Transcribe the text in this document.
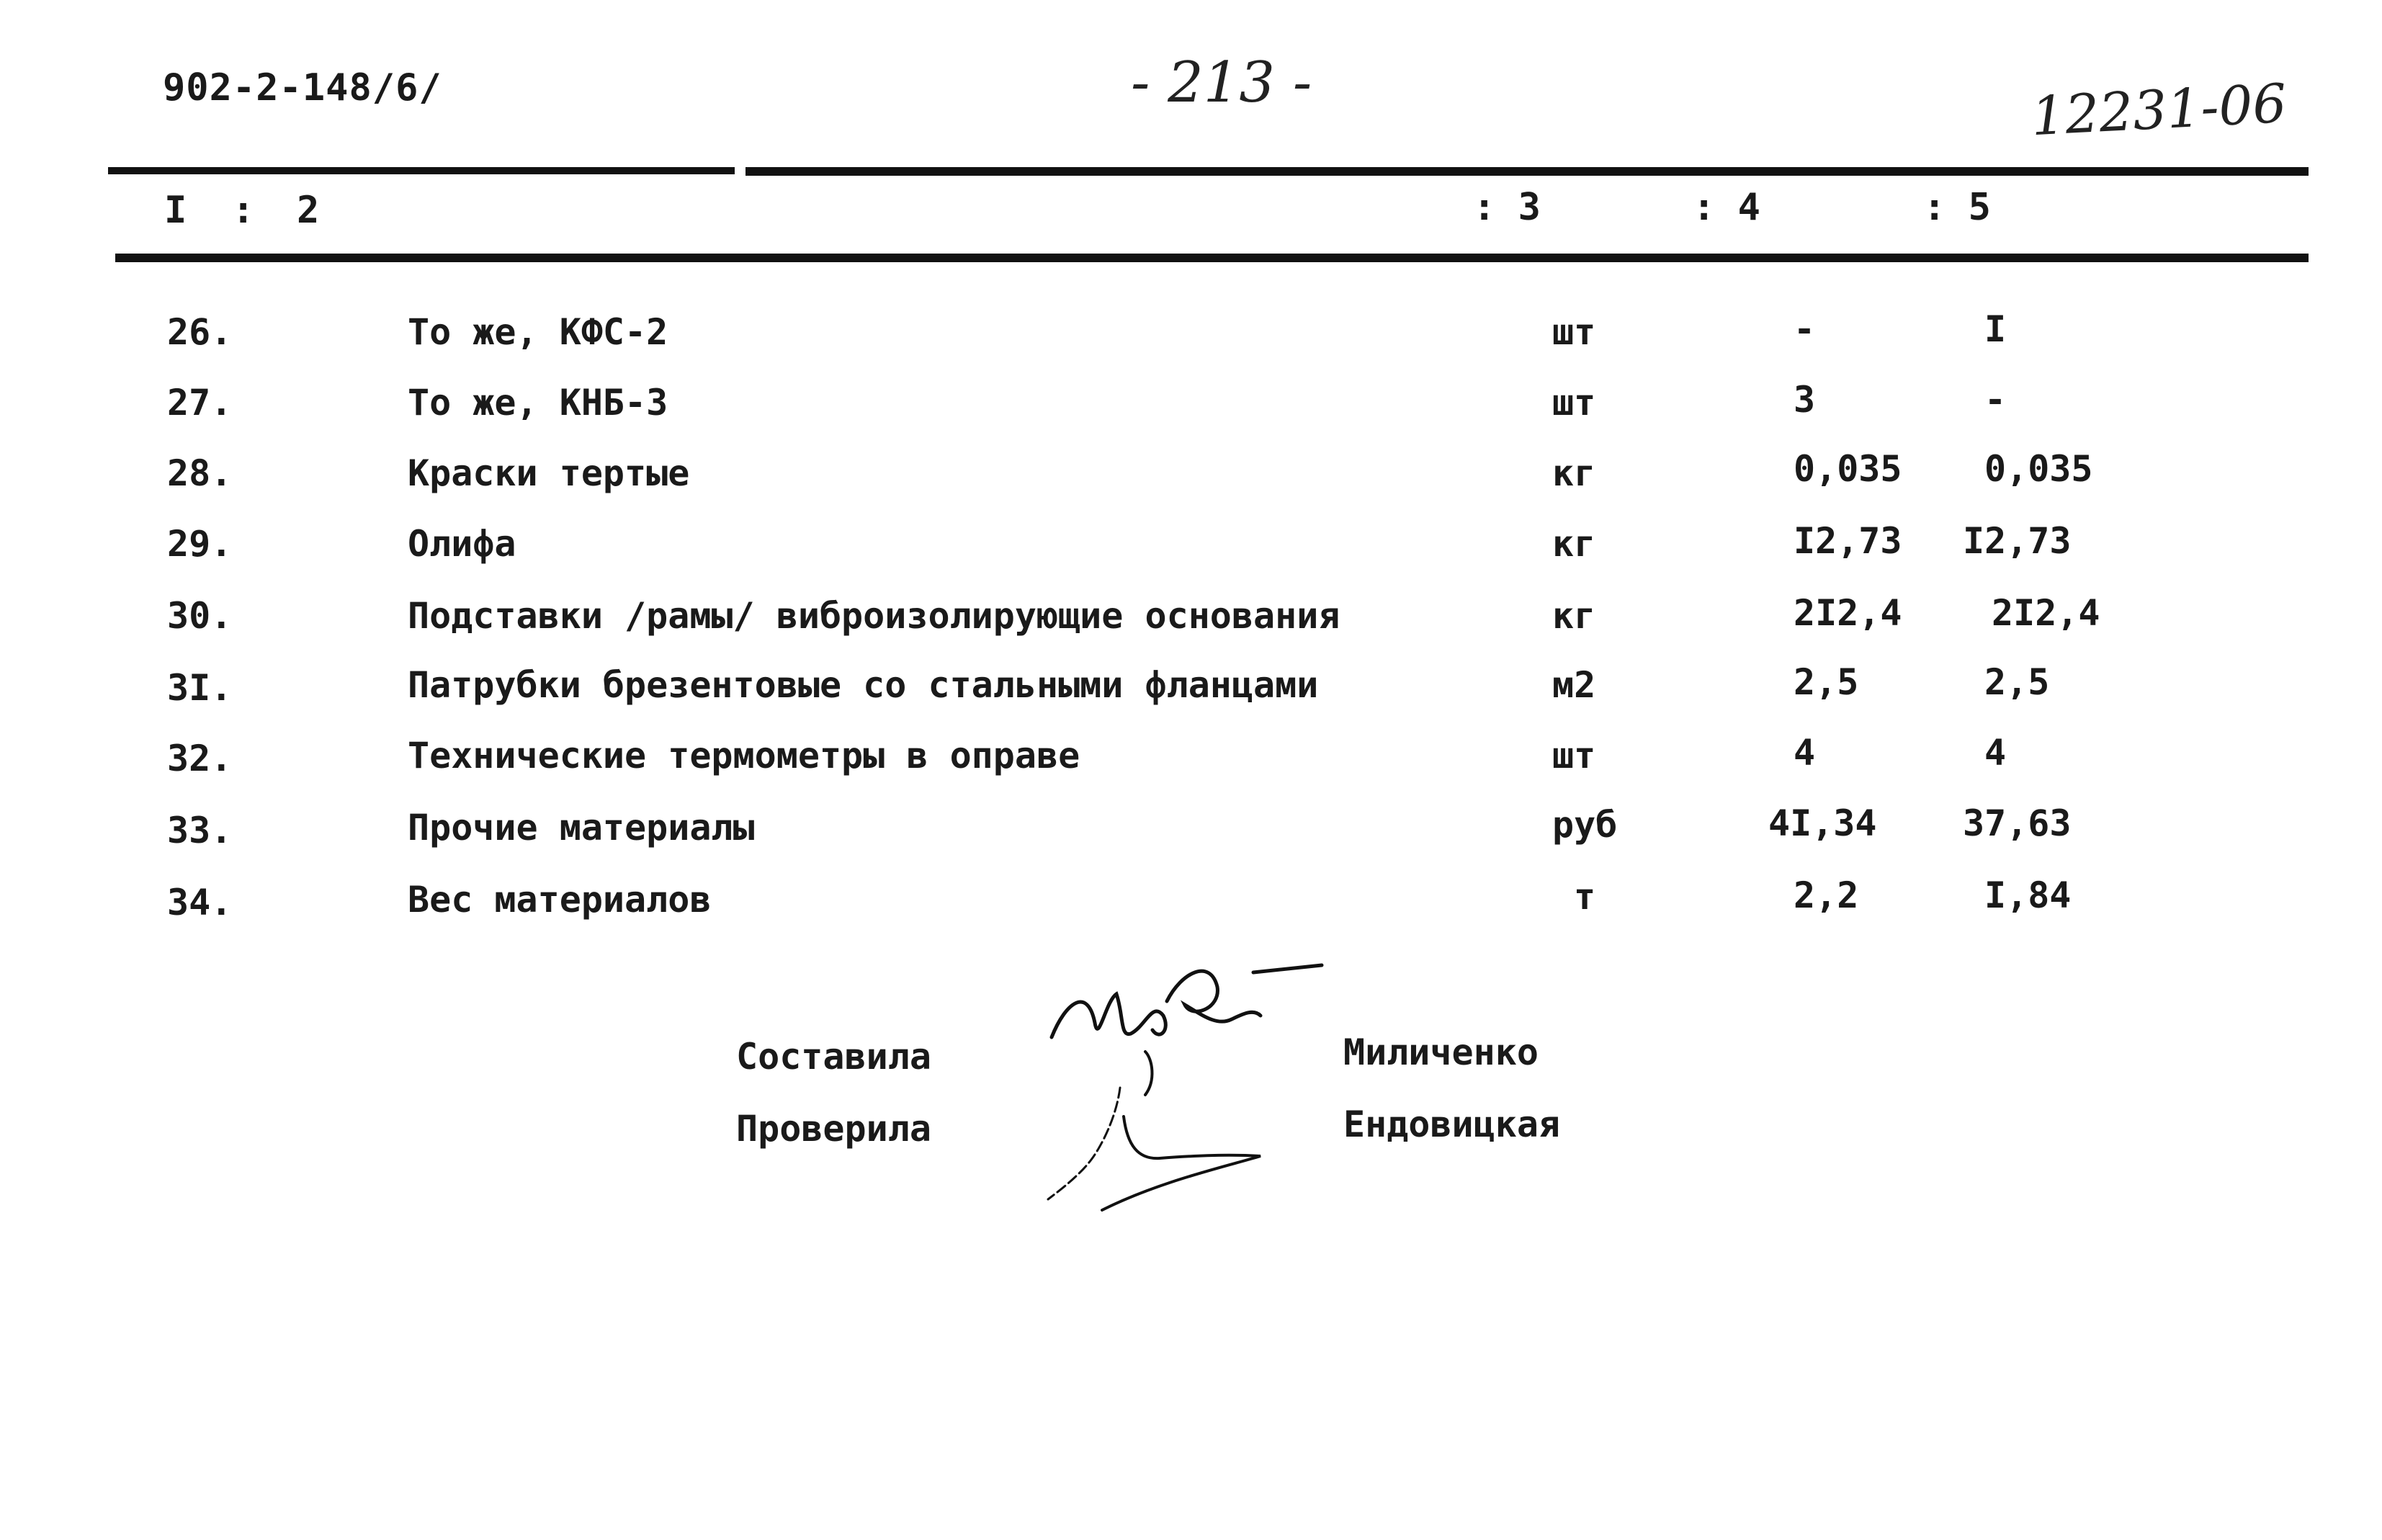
902-2-148/6/	- 213 -	12231-06
I : 2	: 3	: 4	: 5
26.	То же, КФС-2	шт	-	I
27.	То же, КНБ-3	шт	3	-
28.	Краски тертые	кг	0,035 0,035
29.	Олифа	кг	I2,73 I2,73
30.	Подставки /рамы/ виброизолирующие основания	кг	2I2,4 2I2,4
3I.	Патрубки брезентовые со стальными фланцами	м2	2,5	2,5
32.	Технические термометры в оправе	шт	4	4
33.	Прочие материалы	руб	4I,34 37,63
34.	Вес материалов	т	2,2	I,84
Составила	Миличенко
Проверила	Ендовицкая
